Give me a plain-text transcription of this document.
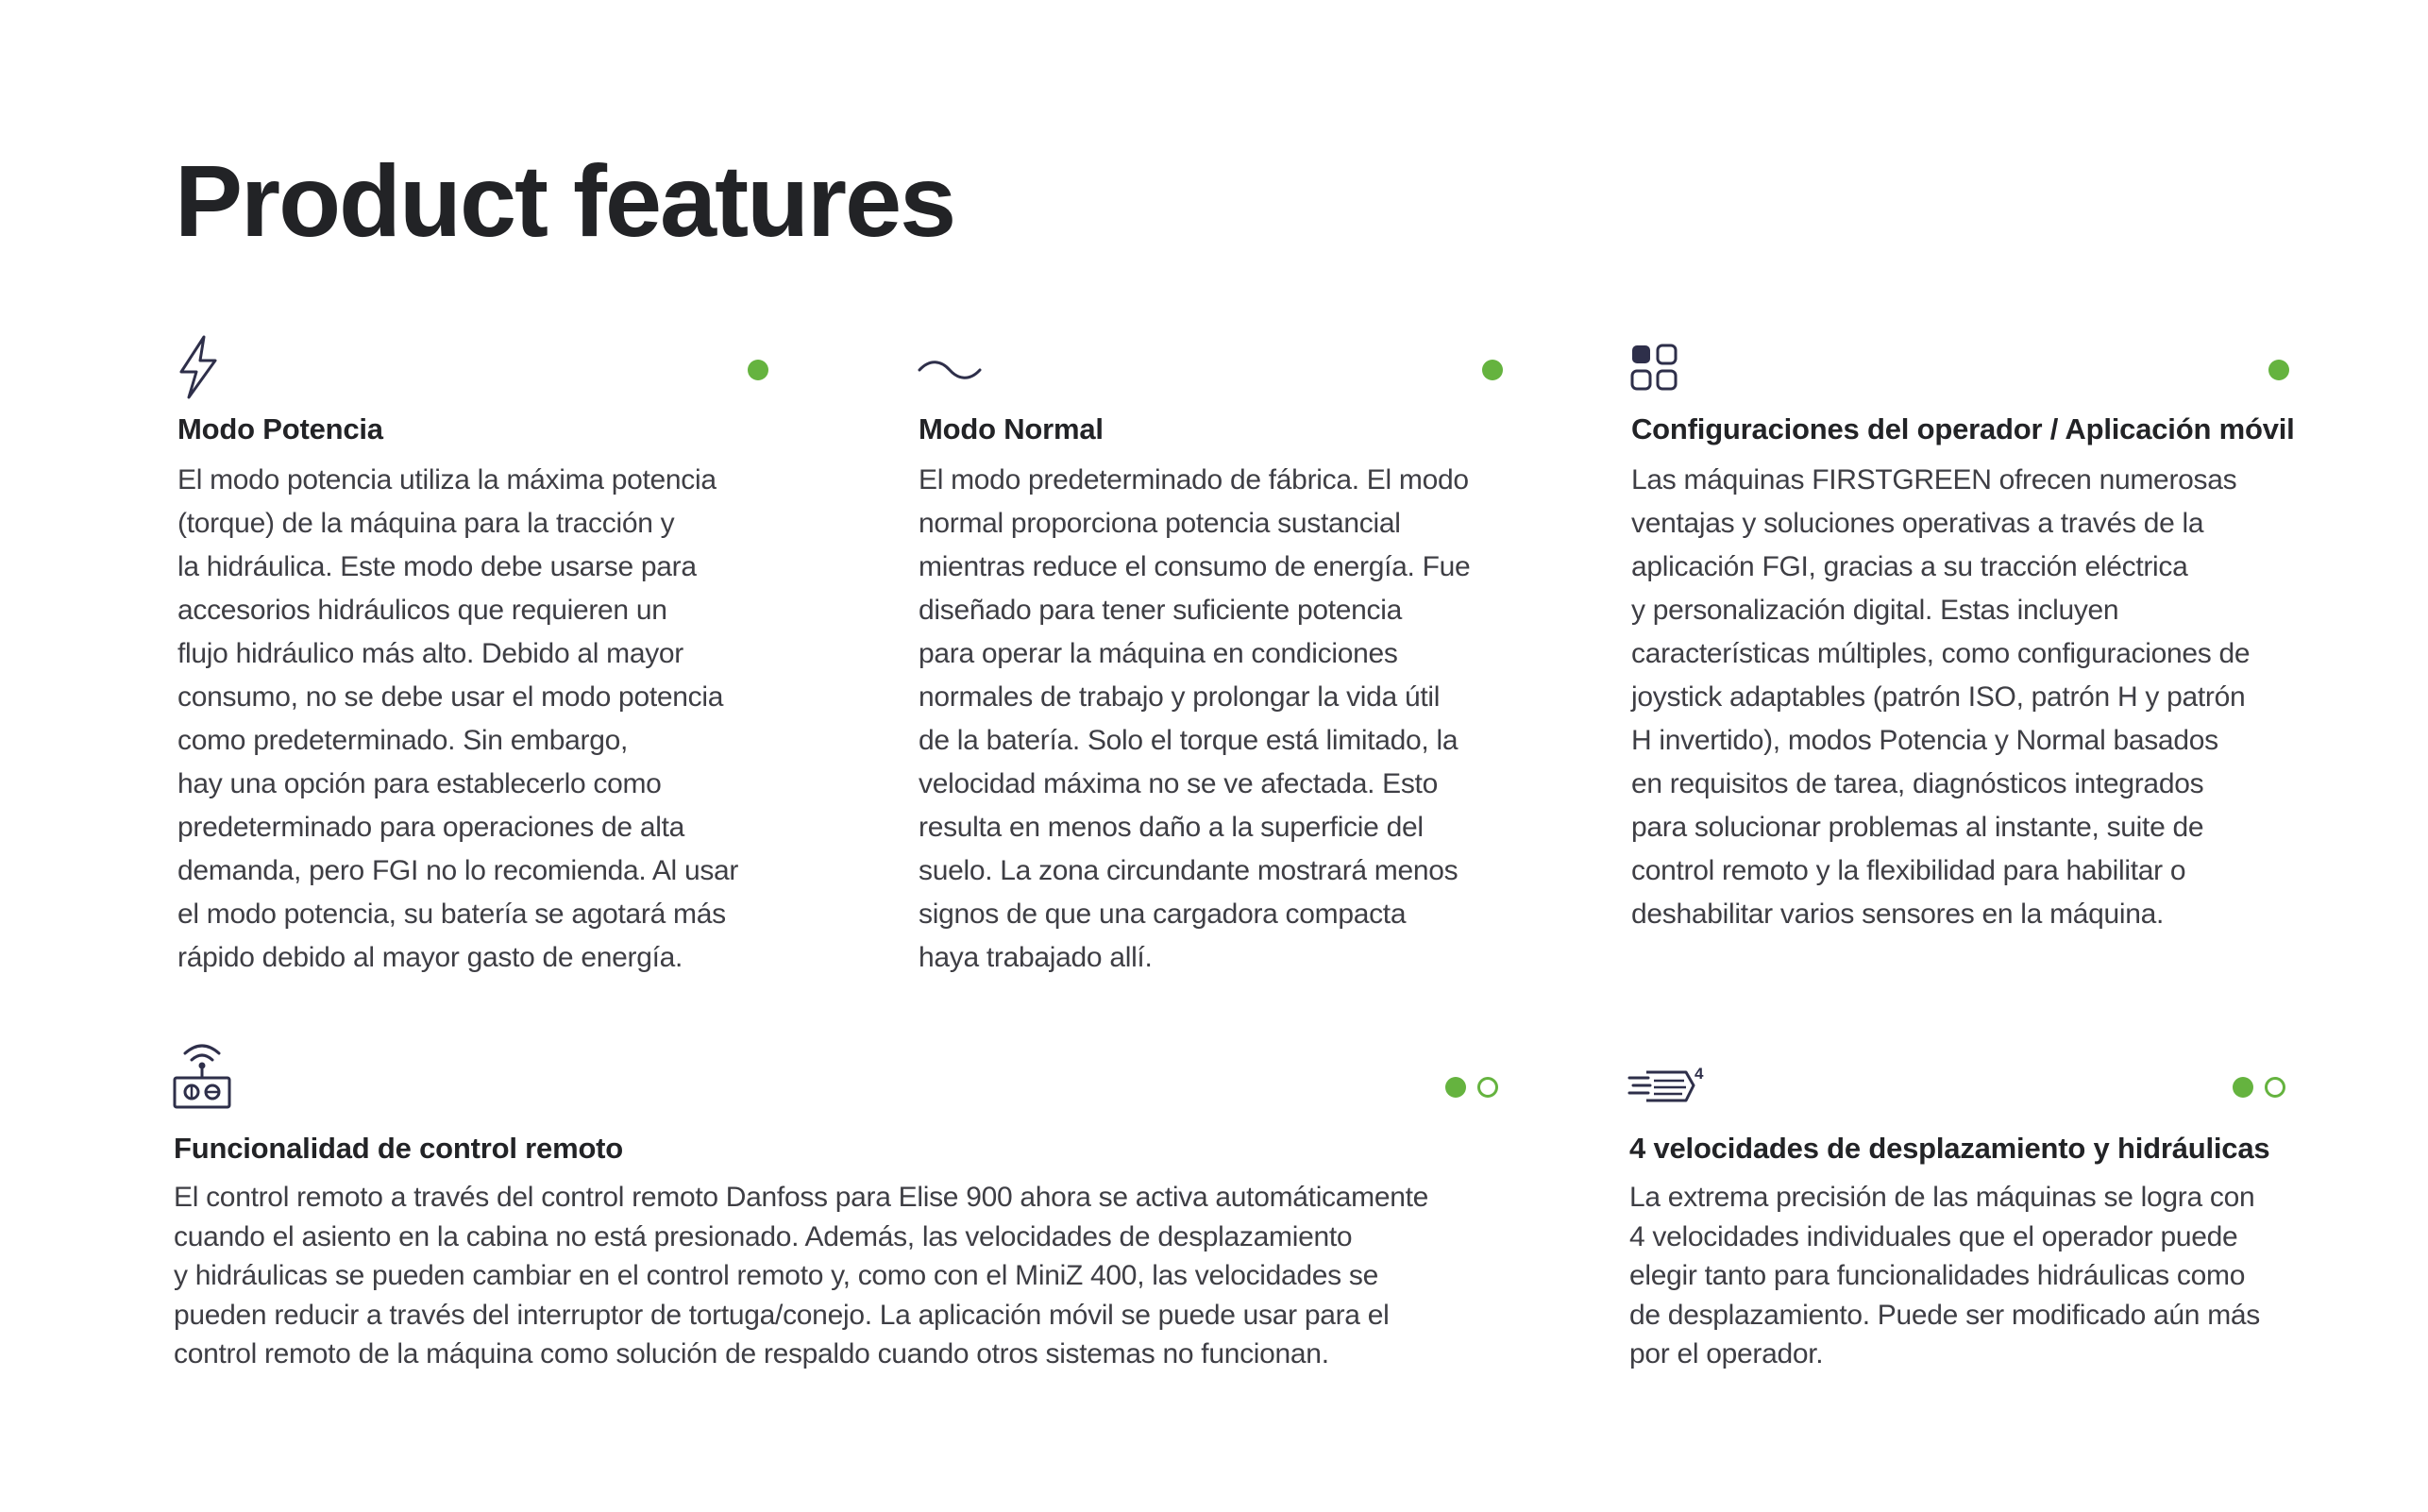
Product features
Modo Potencia

El modo potencia utiliza la máxima potencia
(torque) de la máquina para la tracción y
la hidráulica. Este modo debe usarse para
accesorios hidráulicos que requieren un
flujo hidráulico más alto. Debido al mayor
consumo, no se debe usar el modo potencia
como predeterminado. Sin embargo,
hay una opción para establecerlo como
predeterminado para operaciones de alta
demanda, pero FGI no lo recomienda. Al usar
el modo potencia, su batería se agotará más
rápido debido al mayor gasto de energía.

Modo Normal

El modo predeterminado de fábrica. El modo
normal proporciona potencia sustancial
mientras reduce el consumo de energía. Fue
diseñado para tener suficiente potencia
para operar la máquina en condiciones
normales de trabajo y prolongar la vida útil
de la batería. Solo el torque está limitado, la
velocidad máxima no se ve afectada. Esto
resulta en menos daño a la superficie del
suelo. La zona circundante mostrará menos
signos de que una cargadora compacta
haya trabajado allí.

Configuraciones del operador / Aplicación móvil

Las máquinas FIRSTGREEN ofrecen numerosas
ventajas y soluciones operativas a través de la
aplicación FGI, gracias a su tracción eléctrica
y personalización digital. Estas incluyen
características múltiples, como configuraciones de
joystick adaptables (patrón ISO, patrón H y patrón
H invertido), modos Potencia y Normal basados
en requisitos de tarea, diagnósticos integrados
para solucionar problemas al instante, suite de
control remoto y la flexibilidad para habilitar o
deshabilitar varios sensores en la máquina.

Funcionalidad de control remoto

El control remoto a través del control remoto Danfoss para Elise 900 ahora se activa automáticamente
cuando el asiento en la cabina no está presionado. Además, las velocidades de desplazamiento
y hidráulicas se pueden cambiar en el control remoto y, como con el MiniZ 400, las velocidades se
pueden reducir a través del interruptor de tortuga/conejo. La aplicación móvil se puede usar para el
control remoto de la máquina como solución de respaldo cuando otros sistemas no funcionan.

4
4 velocidades de desplazamiento y hidráulicas

La extrema precisión de las máquinas se logra con
4 velocidades individuales que el operador puede
elegir tanto para funcionalidades hidráulicas como
de desplazamiento. Puede ser modificado aún más
por el operador.
